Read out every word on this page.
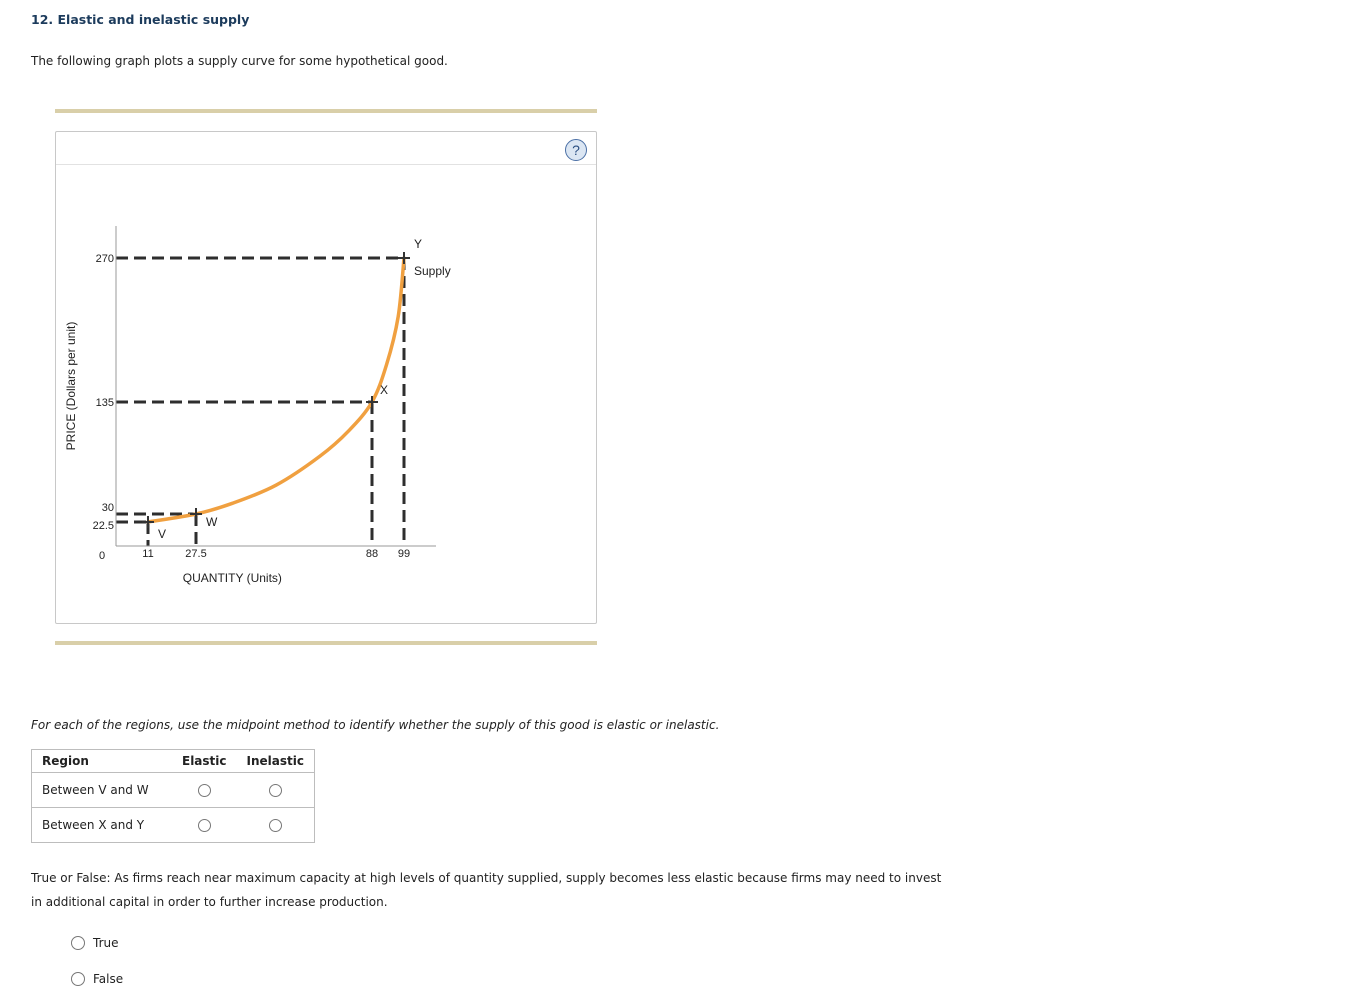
12. Elastic and inelastic supply

The following graph plots a supply curve for some hypothetical good.

?
Supply
V
W
X
Y
11	27.5	88 99
22.5
30
135
270
0
QUANTITY (Units)
PRICE (Dollars per unit)

For each of the regions, use the midpoint method to identify whether the supply of this good is elastic or inelastic.

Region	Elastic	Inelastic
Between V and W		
Between X and Y		

True or False: As firms reach near maximum capacity at high levels of quantity supplied, supply becomes less elastic because firms may need to invest in additional capital in order to further increase production.

True
False
